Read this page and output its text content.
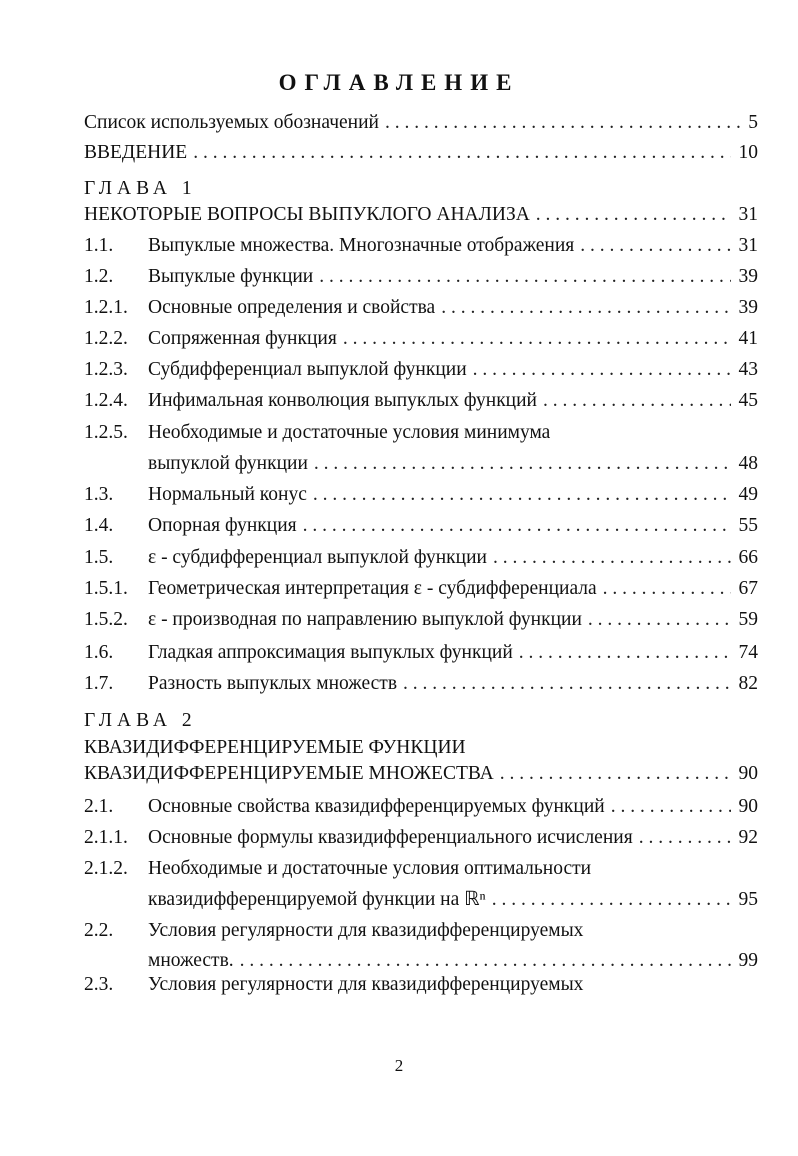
ОГЛАВЛЕНИЕ
Список используемых обозначений . . .	5
ВВЕДЕНИЕ . . .	10
ГЛАВА 1
НЕКОТОРЫЕ ВОПРОСЫ ВЫПУКЛОГО АНАЛИЗА . . .	31
1.1.	Выпуклые множества. Многозначные отображения . . .	31
1.2.	Выпуклые функции . . .	39
1.2.1.	Основные определения и свойства . . .	39
1.2.2.	Сопряженная функция . . .	41
1.2.3.	Субдифференциал выпуклой функции . . .	43
1.2.4.	Инфимальная конволюция выпуклых функций . . .	45
1.2.5. Необходимые и достаточные условия минимума
выпуклой функции . . .	48
1.3.	Нормальный конус . . .	49
1.4.	Опорная функция . . .	55
1.5.	ε - субдифференциал выпуклой функции . . .	66
1.5.1.	Геометрическая интерпретация ε - субдифференциала . . .	67
1.5.2.	ε - производная по направлению выпуклой функции . . .	59
1.6.	Гладкая аппроксимация выпуклых функций . . .	74
1.7.	Разность выпуклых множеств . . .	82
ГЛАВА 2
КВАЗИДИФФЕРЕНЦИРУЕМЫЕ ФУНКЦИИ
КВАЗИДИФФЕРЕНЦИРУЕМЫЕ МНОЖЕСТВА . . .	90
2.1.	Основные свойства квазидифференцируемых функций . . .	90
2.1.1.	Основные формулы квазидифференциального исчисления . . .	92
2.1.2. Необходимые и достаточные условия оптимальности
квазидифференцируемой функции на ℝⁿ . . .	95
2.2. Условия регулярности для квазидифференцируемых
множеств. . . .	99
2.3. Условия регулярности для квазидифференцируемых
2
